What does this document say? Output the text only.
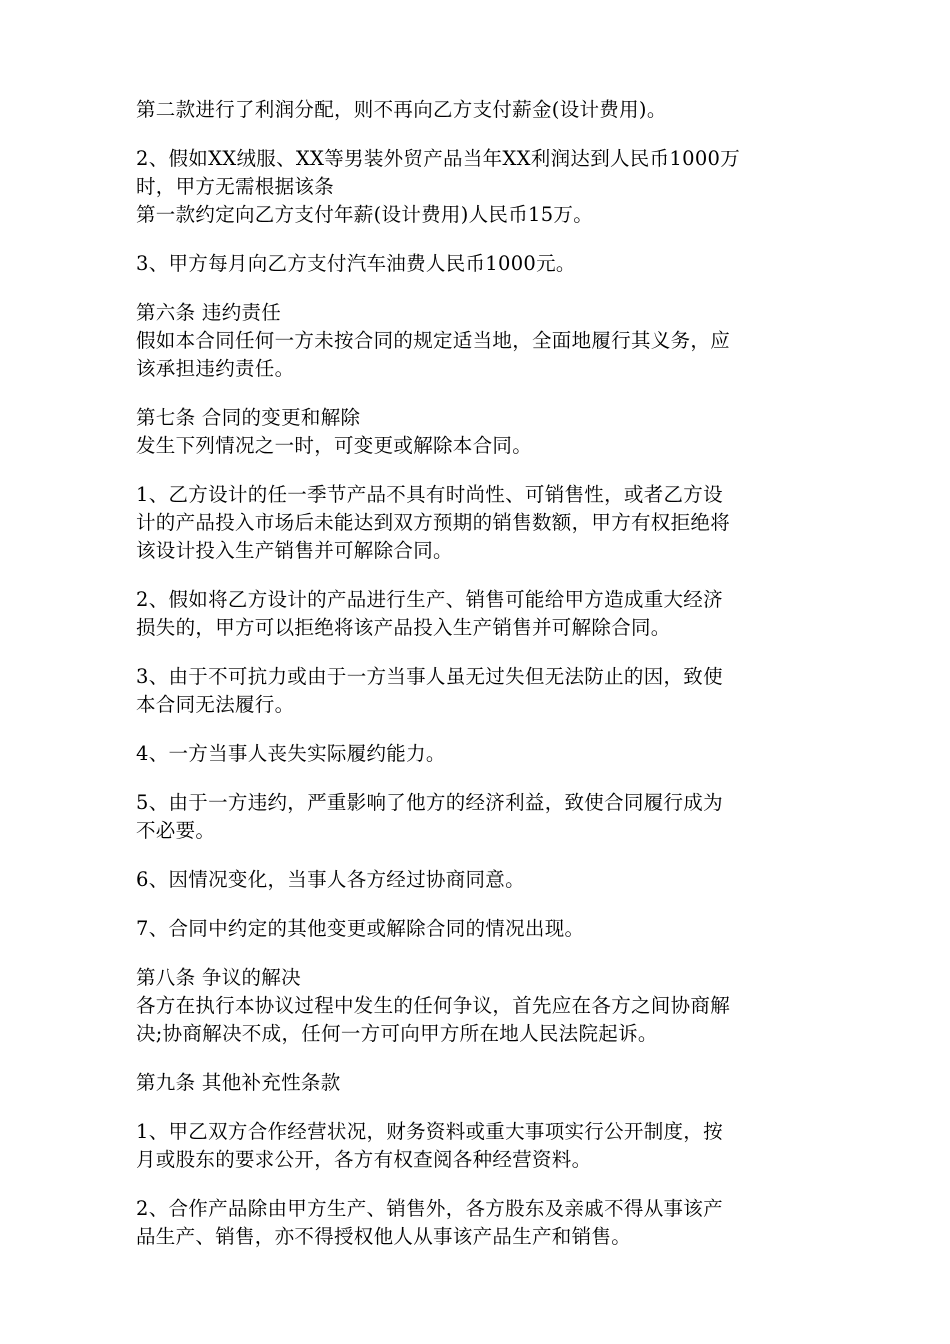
第二款进行了利润分配，则不再向乙方支付薪金(设计费用)。
2、假如XX绒服、XX等男装外贸产品当年XX利润达到人民币1000万
时，甲方无需根据该条
第一款约定向乙方支付年薪(设计费用)人民币15万。
3、甲方每月向乙方支付汽车油费人民币1000元。
第六条 违约责任
假如本合同任何一方未按合同的规定适当地，全面地履行其义务，应
该承担违约责任。
第七条 合同的变更和解除
发生下列情况之一时，可变更或解除本合同。
1、乙方设计的任一季节产品不具有时尚性、可销售性，或者乙方设
计的产品投入市场后未能达到双方预期的销售数额，甲方有权拒绝将
该设计投入生产销售并可解除合同。
2、假如将乙方设计的产品进行生产、销售可能给甲方造成重大经济
损失的，甲方可以拒绝将该产品投入生产销售并可解除合同。
3、由于不可抗力或由于一方当事人虽无过失但无法防止的因，致使
本合同无法履行。
4、一方当事人丧失实际履约能力。
5、由于一方违约，严重影响了他方的经济利益，致使合同履行成为
不必要。
6、因情况变化，当事人各方经过协商同意。
7、合同中约定的其他变更或解除合同的情况出现。
第八条 争议的解决
各方在执行本协议过程中发生的任何争议，首先应在各方之间协商解
决;协商解决不成，任何一方可向甲方所在地人民法院起诉。
第九条 其他补充性条款
1、甲乙双方合作经营状况，财务资料或重大事项实行公开制度，按
月或股东的要求公开，各方有权查阅各种经营资料。
2、合作产品除由甲方生产、销售外，各方股东及亲戚不得从事该产
品生产、销售，亦不得授权他人从事该产品生产和销售。
